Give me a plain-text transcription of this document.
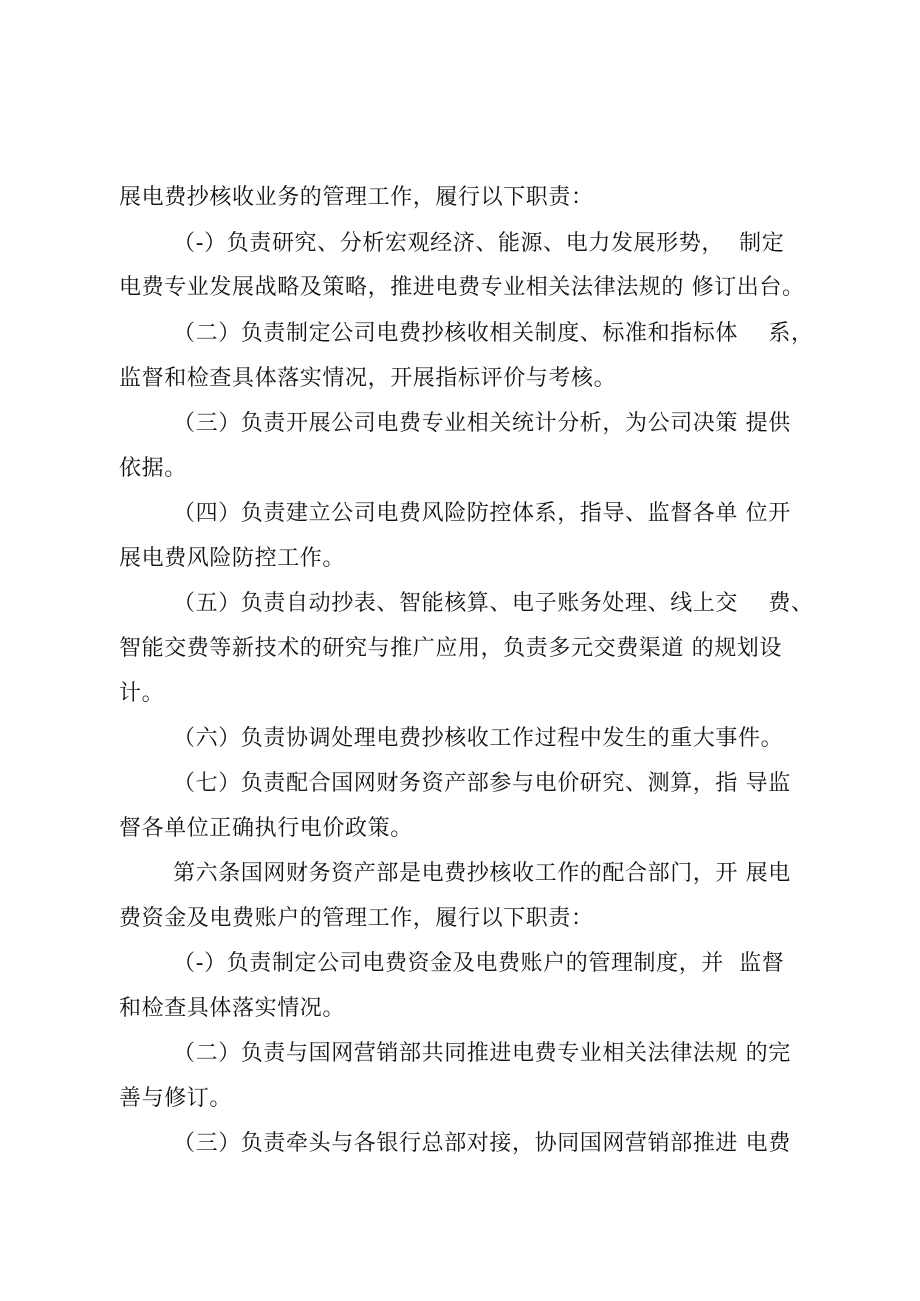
展电费抄核收业务的管理工作，履行以下职责：
（-）负责研究、分析宏观经济、能源、电力发展形势，  制定
电费专业发展战略及策略，推进电费专业相关法律法规的 修订出台。
（二）负责制定公司电费抄核收相关制度、标准和指标体    系，
监督和检查具体落实情况，开展指标评价与考核。
（三）负责开展公司电费专业相关统计分析，为公司决策 提供
依据。
（四）负责建立公司电费风险防控体系，指导、监督各单 位开
展电费风险防控工作。
（五）负责自动抄表、智能核算、电子账务处理、线上交    费、
智能交费等新技术的研究与推广应用，负责多元交费渠道 的规划设
计。
（六）负责协调处理电费抄核收工作过程中发生的重大事件。
（七）负责配合国网财务资产部参与电价研究、测算，指 导监
督各单位正确执行电价政策。
第六条国网财务资产部是电费抄核收工作的配合部门，开 展电
费资金及电费账户的管理工作，履行以下职责：
（-）负责制定公司电费资金及电费账户的管理制度，并  监督
和检查具体落实情况。
（二）负责与国网营销部共同推进电费专业相关法律法规 的完
善与修订。
（三）负责牵头与各银行总部对接，协同国网营销部推进 电费
